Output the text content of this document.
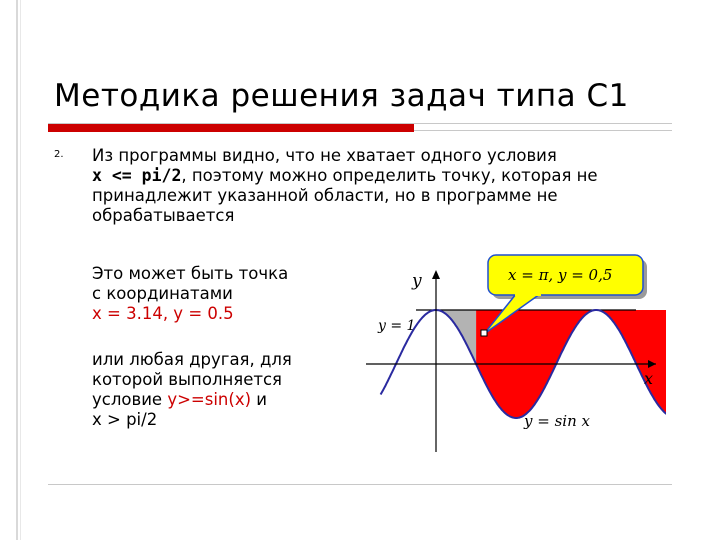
Методика решения задач типа С1
2. Из программы видно, что не хватает одного условия
x <= pi/2, поэтому можно определить точку, которая не принадлежит указанной области, но в программе не обрабатывается
Это может быть точка
с координатами
x = 3.14, y = 0.5
или любая другая, для
которой выполняется
условие y>=sin(x) и
x > pi/2
y
x
y = 1
y = sin x
x = π, y = 0,5
